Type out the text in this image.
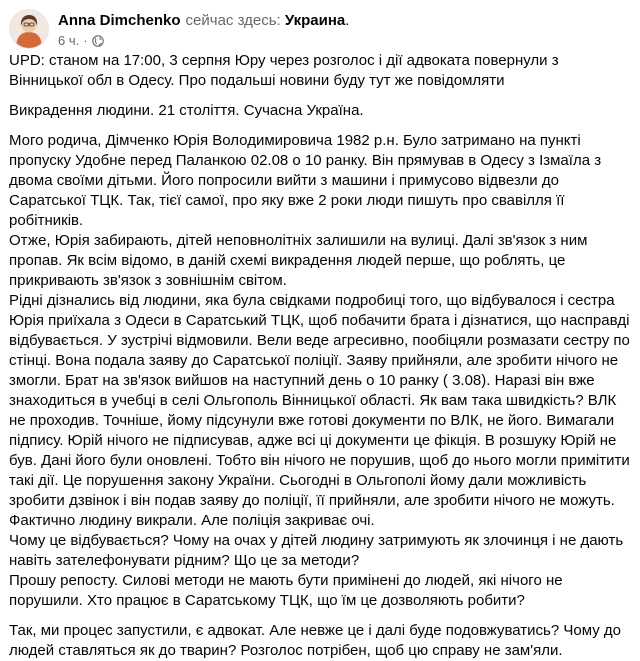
Anna Dimchenko сейчас здесь: Украина.
6 ч. ·

UPD: станом на 17:00, 3 серпня Юру через розголос і дії адвоката повернули з Вінницької обл в Одесу. Про подальші новини буду тут же повідомляти

Викрадення людини. 21 століття. Сучасна Україна.

Мого родича, Дімченко Юрія Володимировича 1982 р.н. Було затримано на пункті пропуску Удобне перед Паланкою 02.08 о 10 ранку. Він прямував в Одесу з Ізмаїла з двома своїми дітьми. Його попросили вийти з машини і примусово відвезли до Саратської ТЦК. Так, тієї самої, про яку вже 2 роки люди пишуть про свавілля її робітників.

Отже, Юрія забирають, дітей неповнолітніх залишили на вулиці. Далі зв'язок з ним пропав. Як всім відомо, в даній схемі викрадення людей перше, що роблять, це прикривають зв'язок з зовнішнім світом.

Рідні дізнались від людини, яка була свідками подробиці того, що відбувалося і сестра Юрія приїхала з Одеси в Саратський ТЦК, щоб побачити брата і дізнатися, що насправді відбувається. У зустрічі відмовили. Вели веде агресивно, пообіцяли розмазати сестру по стінці. Вона подала заяву до Саратської поліції. Заяву прийняли, але зробити нічого не змогли. Брат на зв'язок вийшов на наступний день о 10 ранку ( 3.08). Наразі він вже знаходиться в учебці в селі Ольгополь Вінницької області. Як вам така швидкість? ВЛК не проходив. Точніше, йому підсунули вже готові документи по ВЛК, не його. Вимагали підпису. Юрій нічого не підписував, адже всі ці документи це фікція. В розшуку Юрій не був. Дані його були оновлені. Тобто він нічого не порушив, щоб до нього могли примітити такі дії. Це порушення закону України. Сьогодні в Ольгополі йому дали можливість зробити дзвінок і він подав заяву до поліції, її прийняли, але зробити нічого не можуть. Фактично людину викрали. Але поліція закриває очі.

Чому це відбувається? Чому на очах у дітей людину затримують як злочинця і не дають навіть зателефонувати рідним? Що це за методи?

Прошу репосту. Силові методи не мають бути примінені до людей, які нічого не порушили. Хто працює в Саратському ТЦК, що їм це дозволяють робити?

Так, ми процес запустили, є адвокат. Але невже це і далі буде подовжуватись? Чому до людей ставляться як до тварин? Розголос потрібен, щоб цю справу не зам'яли.
